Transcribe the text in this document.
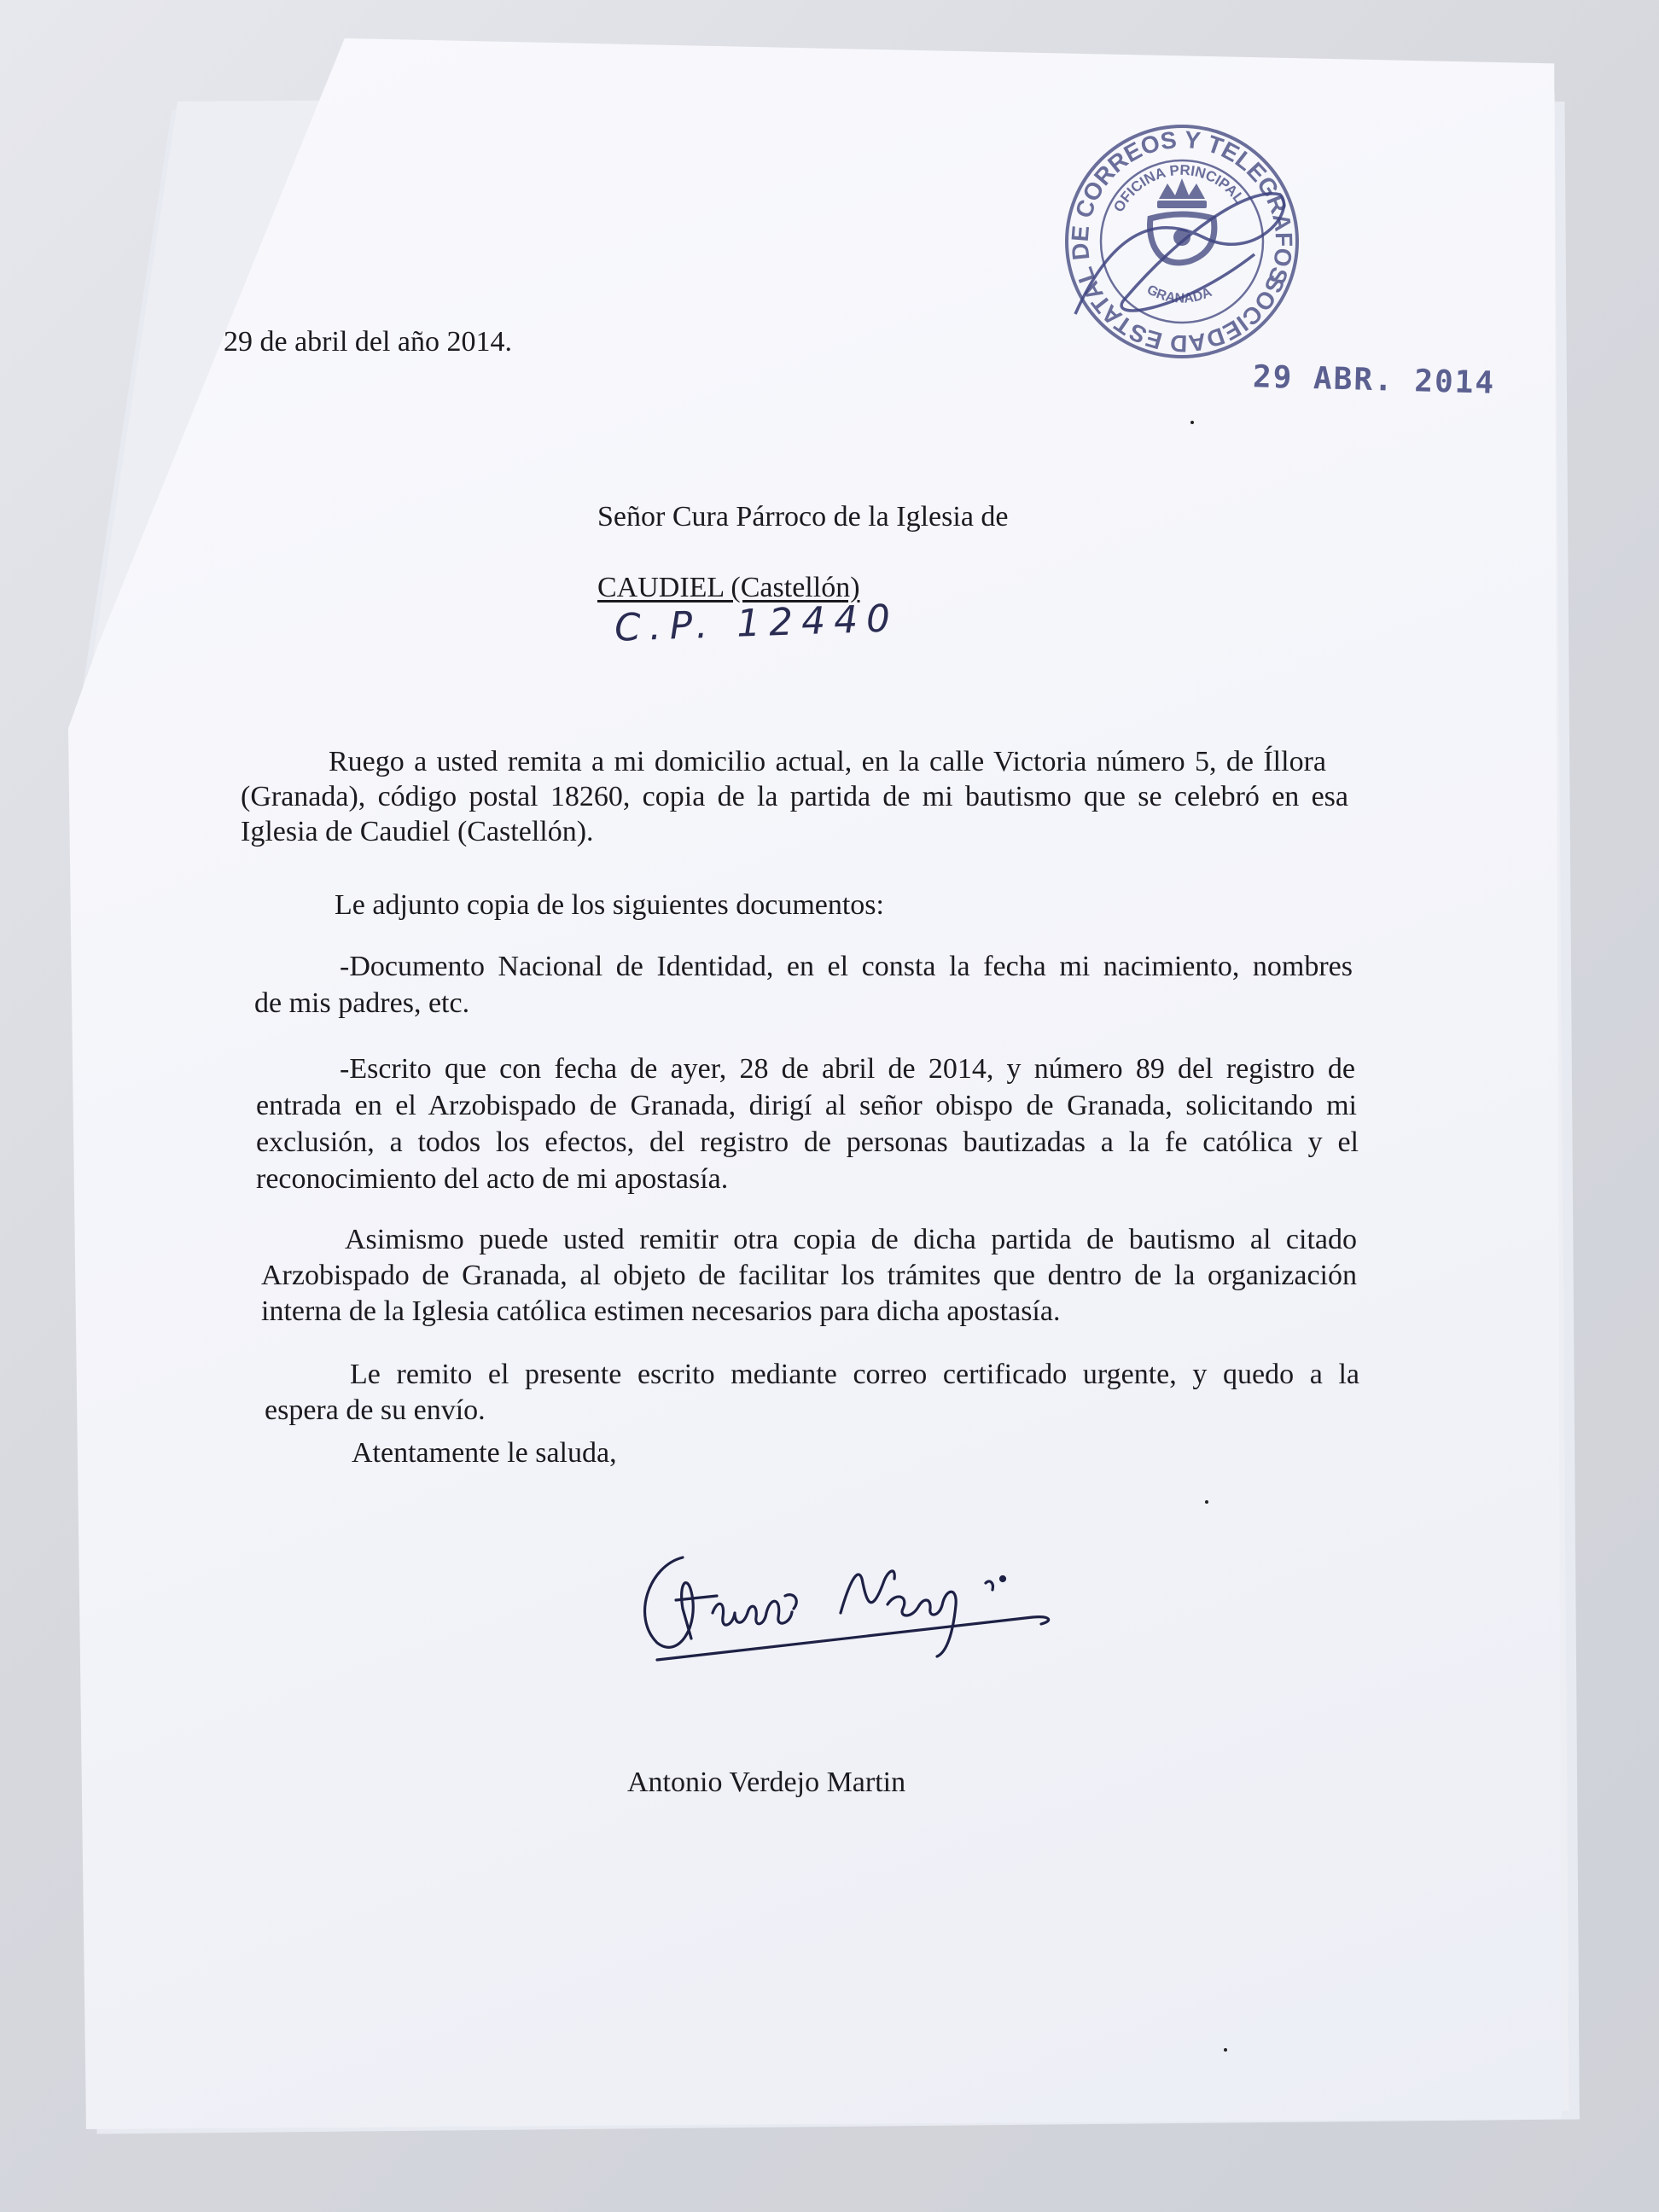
SOCIEDAD ESTATAL DE CORREOS Y TELEGRAFOS
OFICINA PRINCIPAL
GRANADA
29 ABR. 2014
29 de abril del año 2014.
Señor Cura Párroco de la Iglesia de
CAUDIEL (Castellón)
C.P. 12440
Ruego a usted remita a mi domicilio actual, en la calle Victoria número 5, de Íllora
(Granada), código postal 18260, copia de la partida de mi bautismo que se celebró en esa
Iglesia de Caudiel (Castellón).
Le adjunto copia de los siguientes documentos:
-Documento Nacional de Identidad, en el consta la fecha mi nacimiento, nombres
de mis padres, etc.
-Escrito que con fecha de ayer, 28 de abril de 2014, y número 89 del registro de
entrada en el Arzobispado de Granada, dirigí al señor obispo de Granada, solicitando mi
exclusión, a todos los efectos, del registro de personas bautizadas a la fe católica y el
reconocimiento del acto de mi apostasía.
Asimismo puede usted remitir otra copia de dicha partida de bautismo al citado
Arzobispado de Granada, al objeto de facilitar los trámites que dentro de la organización
interna de la Iglesia católica estimen necesarios para dicha apostasía.
Le remito el presente escrito mediante correo certificado urgente, y quedo a la
espera de su envío.
Atentamente le saluda,
Antonio Verdejo
Antonio Verdejo Martin
